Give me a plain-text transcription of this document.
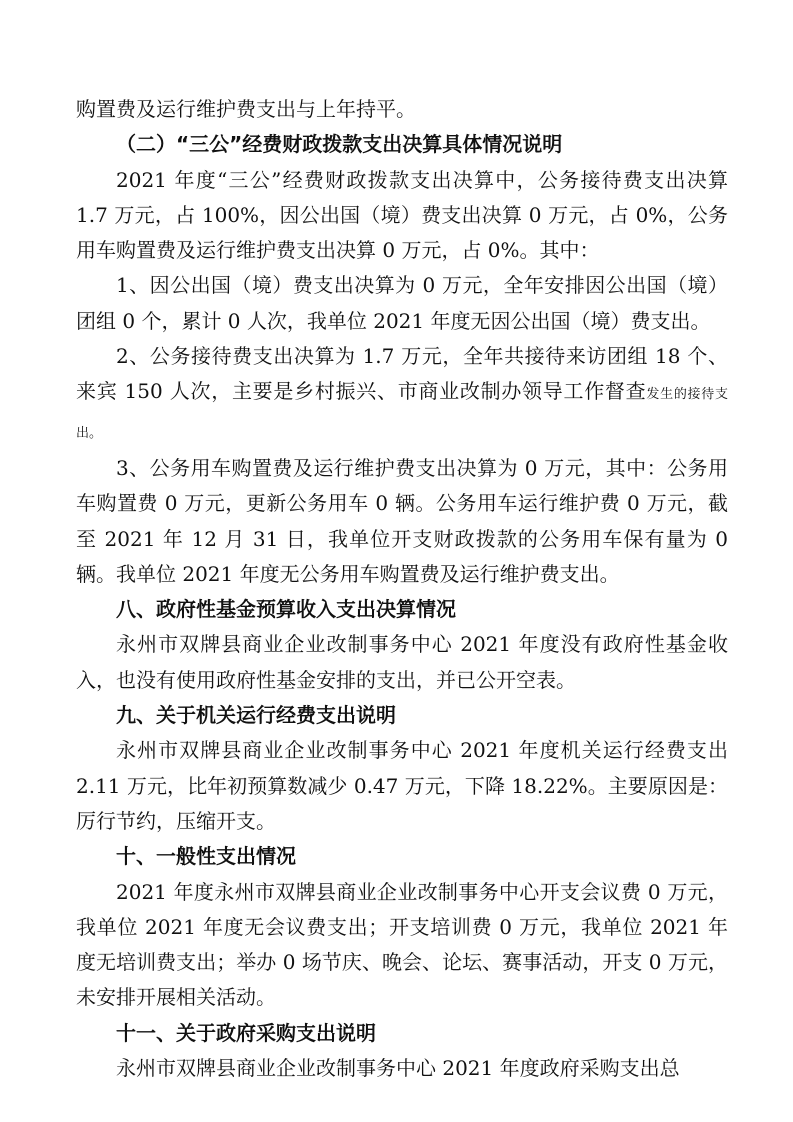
购置费及运行维护费支出与上年持平。

（二）“三公”经费财政拨款支出决算具体情况说明

2021 年度“三公”经费财政拨款支出决算中，公务接待费支出决算 1.7 万元，占 100%，因公出国（境）费支出决算 0 万元，占 0%，公务用车购置费及运行维护费支出决算 0 万元，占 0%。其中：

1、因公出国（境）费支出决算为 0 万元，全年安排因公出国（境）团组 0 个，累计 0 人次，我单位 2021 年度无因公出国（境）费支出。

2、公务接待费支出决算为 1.7 万元，全年共接待来访团组 18 个、来宾 150 人次，主要是乡村振兴、市商业改制办领导工作督查发生的接待支出。

3、公务用车购置费及运行维护费支出决算为 0 万元，其中：公务用车购置费 0 万元，更新公务用车 0 辆。公务用车运行维护费 0 万元，截至 2021 年 12 月 31 日，我单位开支财政拨款的公务用车保有量为 0 辆。我单位 2021 年度无公务用车购置费及运行维护费支出。

八、政府性基金预算收入支出决算情况

永州市双牌县商业企业改制事务中心 2021 年度没有政府性基金收入，也没有使用政府性基金安排的支出，并已公开空表。

九、关于机关运行经费支出说明

永州市双牌县商业企业改制事务中心 2021 年度机关运行经费支出 2.11 万元，比年初预算数减少 0.47 万元，下降 18.22%。主要原因是：厉行节约，压缩开支。

十、一般性支出情况

2021 年度永州市双牌县商业企业改制事务中心开支会议费 0 万元，我单位 2021 年度无会议费支出；开支培训费 0 万元，我单位 2021 年度无培训费支出；举办 0 场节庆、晚会、论坛、赛事活动，开支 0 万元，未安排开展相关活动。

十一、关于政府采购支出说明

永州市双牌县商业企业改制事务中心 2021 年度政府采购支出总
